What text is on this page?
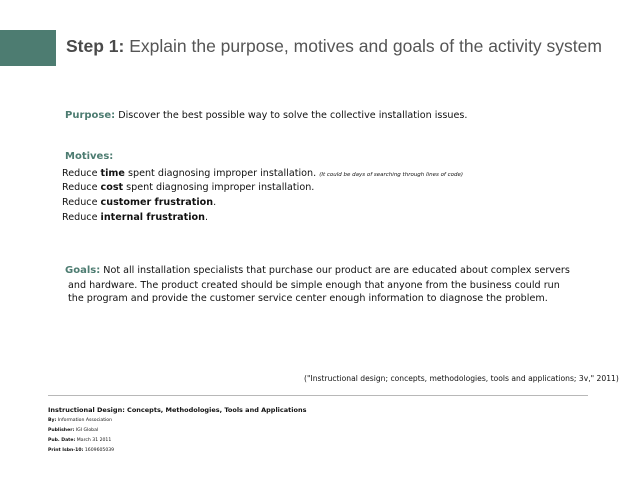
Step 1: Explain the purpose, motives and goals of the activity system
Purpose: Discover the best possible way to solve the collective installation issues.
Motives:
Reduce time spent diagnosing improper installation. (It could be days of searching through lines of code)
Reduce cost spent diagnosing improper installation.
Reduce customer frustration.
Reduce internal frustration.
Goals: Not all installation specialists that purchase our product are are educated about complex servers
and hardware. The product created should be simple enough that anyone from the business could run
the program and provide the customer service center enough information to diagnose the problem.
("Instructional design; concepts, methodologies, tools and applications; 3v," 2011)
Instructional Design: Concepts, Methodologies, Tools and Applications
By: Information Association
Publisher: IGI Global
Pub. Date: March 31 2011
Print Isbn-10: 1609605039
